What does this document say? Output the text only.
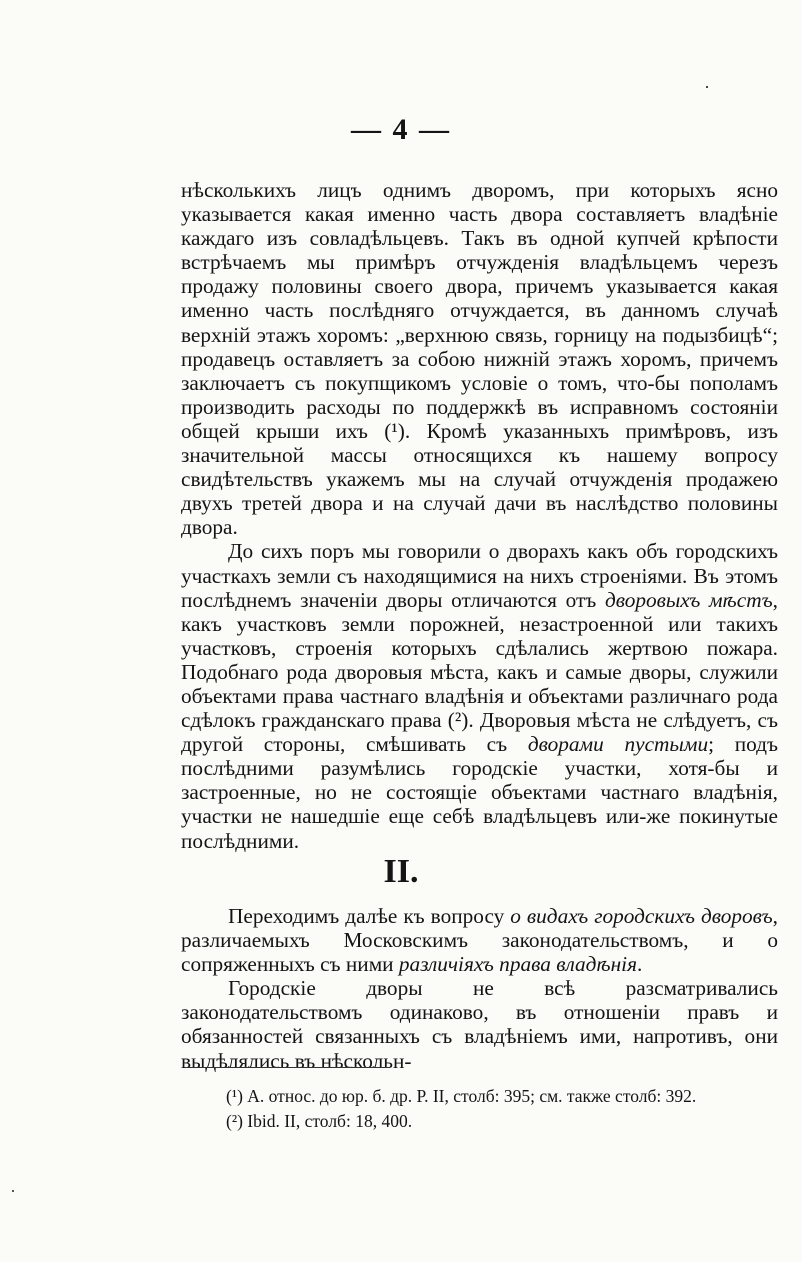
— 4 —

нѣсколькихъ лицъ однимъ дворомъ, при которыхъ ясно указывается какая именно часть двора составляетъ владѣніе каждаго изъ совладѣльцевъ. Такъ въ одной купчей крѣпости встрѣчаемъ мы примѣръ отчужденія владѣльцемъ черезъ продажу половины своего двора, причемъ указывается какая именно часть послѣдняго отчуждается, въ данномъ случаѣ верхній этажъ хоромъ: „верхнюю связь, горницу на подызбицѣ“; продавецъ оставляетъ за собою нижній этажъ хоромъ, причемъ заключаетъ съ покупщикомъ условіе о томъ, что-бы пополамъ производить расходы по поддержкѣ въ исправномъ состояніи общей крыши ихъ (¹). Кромѣ указанныхъ примѣровъ, изъ значительной массы относящихся къ нашему вопросу свидѣтельствъ укажемъ мы на случай отчужденія продажею двухъ третей двора и на случай дачи въ наслѣдство половины двора.

До сихъ поръ мы говорили о дворахъ какъ объ городскихъ участкахъ земли съ находящимися на нихъ строеніями. Въ этомъ послѣднемъ значеніи дворы отличаются отъ дворовыхъ мѣстъ, какъ участковъ земли порожней, незастроенной или такихъ участковъ, строенія которыхъ сдѣлались жертвою пожара. Подобнаго рода дворовыя мѣста, какъ и самые дворы, служили объектами права частнаго владѣнія и объектами различнаго рода сдѣлокъ гражданскаго права (²). Дворовыя мѣста не слѣдуетъ, съ другой стороны, смѣшивать съ дворами пустыми; подъ послѣдними разумѣлись городскіе участки, хотя-бы и застроенные, но не состоящіе объектами частнаго владѣнія, участки не нашедшіе еще себѣ владѣльцевъ или-же покинутые послѣдними.

II.

Переходимъ далѣе къ вопросу о видахъ городскихъ дворовъ, различаемыхъ Московскимъ законодательствомъ, и о сопряженныхъ съ ними различіяхъ права владѣнія.

Городскіе дворы не всѣ разсматривались законодательствомъ одинаково, въ отношеніи правъ и обязанностей связанныхъ съ владѣніемъ ими, напротивъ, они выдѣлялись въ нѣскольн-

(¹) А. относ. до юр. б. др. Р. II, столб: 395; см. также столб: 392.

(²) Ibid. II, столб: 18, 400.
